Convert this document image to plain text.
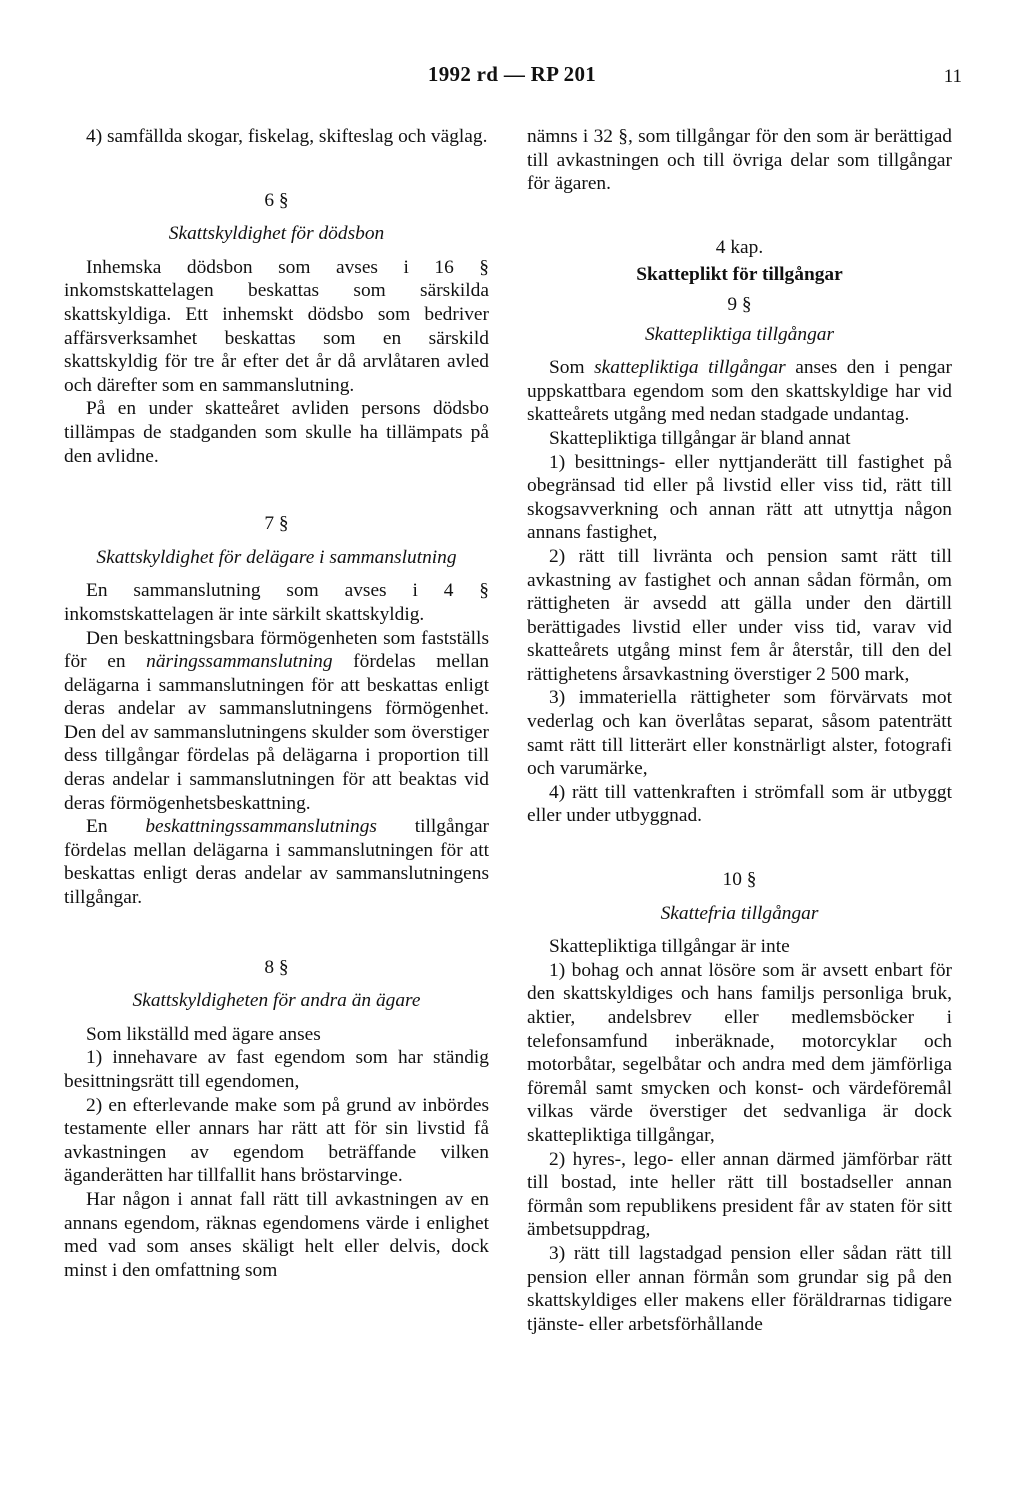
1992 rd — RP 201	11

4) samfällda skogar, fiskelag, skifteslag och väglag.

6 §
Skattskyldighet för dödsbon

Inhemska dödsbon som avses i 16 § inkomstskattelagen beskattas som särskilda skattskyldiga. Ett inhemskt dödsbo som bedriver affärsverksamhet beskattas som en särskild skattskyldig för tre år efter det år då arvlåtaren avled och därefter som en sammanslutning.

På en under skatteåret avliden persons dödsbo tillämpas de stadganden som skulle ha tillämpats på den avlidne.

7 §
Skattskyldighet för delägare i sammanslutning

En sammanslutning som avses i 4 § inkomstskattelagen är inte särkilt skattskyldig.

Den beskattningsbara förmögenheten som fastställs för en näringssammanslutning fördelas mellan delägarna i sammanslutningen för att beskattas enligt deras andelar av sammanslutningens förmögenhet. Den del av sammanslutningens skulder som överstiger dess tillgångar fördelas på delägarna i proportion till deras andelar i sammanslutningen för att beaktas vid deras förmögenhetsbeskattning.

En beskattningssammanslutnings tillgångar fördelas mellan delägarna i sammanslutningen för att beskattas enligt deras andelar av sammanslutningens tillgångar.

8 §
Skattskyldigheten för andra än ägare

Som likställd med ägare anses

1) innehavare av fast egendom som har ständig besittningsrätt till egendomen,

2) en efterlevande make som på grund av inbördes testamente eller annars har rätt att för sin livstid få avkastningen av egendom beträffande vilken äganderätten har tillfallit hans bröstarvinge.

Har någon i annat fall rätt till avkastningen av en annans egendom, räknas egendomens värde i enlighet med vad som anses skäligt helt eller delvis, dock minst i den omfattning som

nämns i 32 §, som tillgångar för den som är berättigad till avkastningen och till övriga delar som tillgångar för ägaren.

4 kap.
Skatteplikt för tillgångar
9 §
Skattepliktiga tillgångar

Som skattepliktiga tillgångar anses den i pengar uppskattbara egendom som den skattskyldige har vid skatteårets utgång med nedan stadgade undantag.

Skattepliktiga tillgångar är bland annat

1) besittnings- eller nyttjanderätt till fastighet på obegränsad tid eller på livstid eller viss tid, rätt till skogsavverkning och annan rätt att utnyttja någon annans fastighet,

2) rätt till livränta och pension samt rätt till avkastning av fastighet och annan sådan förmån, om rättigheten är avsedd att gälla under den därtill berättigades livstid eller under viss tid, varav vid skatteårets utgång minst fem år återstår, till den del rättighetens årsavkastning överstiger 2 500 mark,

3) immateriella rättigheter som förvärvats mot vederlag och kan överlåtas separat, såsom patenträtt samt rätt till litterärt eller konstnärligt alster, fotografi och varumärke,

4) rätt till vattenkraften i strömfall som är utbyggt eller under utbyggnad.

10 §
Skattefria tillgångar

Skattepliktiga tillgångar är inte

1) bohag och annat lösöre som är avsett enbart för den skattskyldiges och hans familjs personliga bruk, aktier, andelsbrev eller medlemsböcker i telefonsamfund inberäknade, motorcyklar och motorbåtar, segelbåtar och andra med dem jämförliga föremål samt smycken och konst- och värdeföremål vilkas värde överstiger det sedvanliga är dock skattepliktiga tillgångar,

2) hyres-, lego- eller annan därmed jämförbar rätt till bostad, inte heller rätt till bostadseller annan förmån som republikens president får av staten för sitt ämbetsuppdrag,

3) rätt till lagstadgad pension eller sådan rätt till pension eller annan förmån som grundar sig på den skattskyldiges eller makens eller föräldrarnas tidigare tjänste- eller arbetsförhållande
